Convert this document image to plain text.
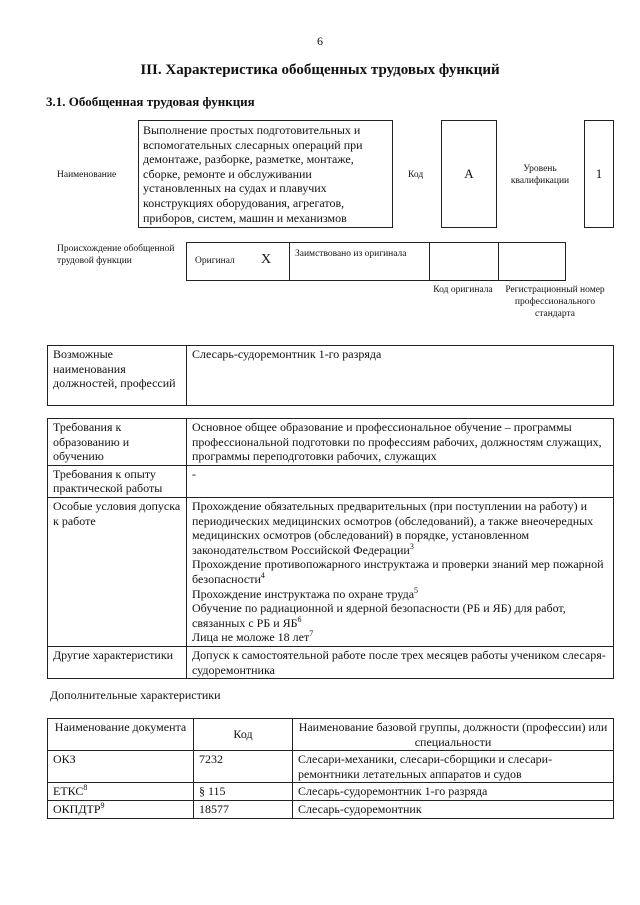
6
III. Характеристика обобщенных трудовых функций
3.1. Обобщенная трудовая функция
Наименование
Выполнение простых подготовительных и вспомогательных слесарных операций при демонтаже, разборке, разметке, монтаже, сборке, ремонте и обслуживании установленных на судах и плавучих конструкциях оборудования, агрегатов, приборов, систем, машин и механизмов
Код	A	Уровень квалификации	1
Происхождение обобщенной трудовой функции	Оригинал X	Заимствовано из оригинала
Код оригинала	Регистрационный номер профессионального стандарта
Возможные наименования должностей, профессий	Слесарь-судоремонтник 1-го разряда
Требования к образованию и обучению	Основное общее образование и профессиональное обучение – программы профессиональной подготовки по профессиям рабочих, должностям служащих, программы переподготовки рабочих, служащих

Требования к опыту практической работы	-

Особые условия допуска к работе	Прохождение обязательных предварительных (при поступлении на работу) и периодических медицинских осмотров (обследований), а также внеочередных медицинских осмотров (обследований) в порядке, установленном законодательством Российской Федерации$^3$
Прохождение противопожарного инструктажа и проверки знаний мер пожарной безопасности$^4$
Прохождение инструктажа по охране труда$^5$
Обучение по радиационной и ядерной безопасности (РБ и ЯБ) для работ, связанных с РБ и $ЯБ^6$
Лица не моложе 18 лет$^7$

Другие характеристики	Допуск к самостоятельной работе после трех месяцев работы учеником слесаря-судоремонтника
Дополнительные характеристики
Наименование документа	Код	Наименование базовой группы, должности (профессии) или специальности
ОКЗ	7232	Слесари-механики, слесари-сборщики и слесари-ремонтники летательных аппаратов и судов
ЕТКС$^8$	§ 115	Слесарь-судоремонтник 1-го разряда
ОКПДТР$^9$	18577	Слесарь-судоремонтник
